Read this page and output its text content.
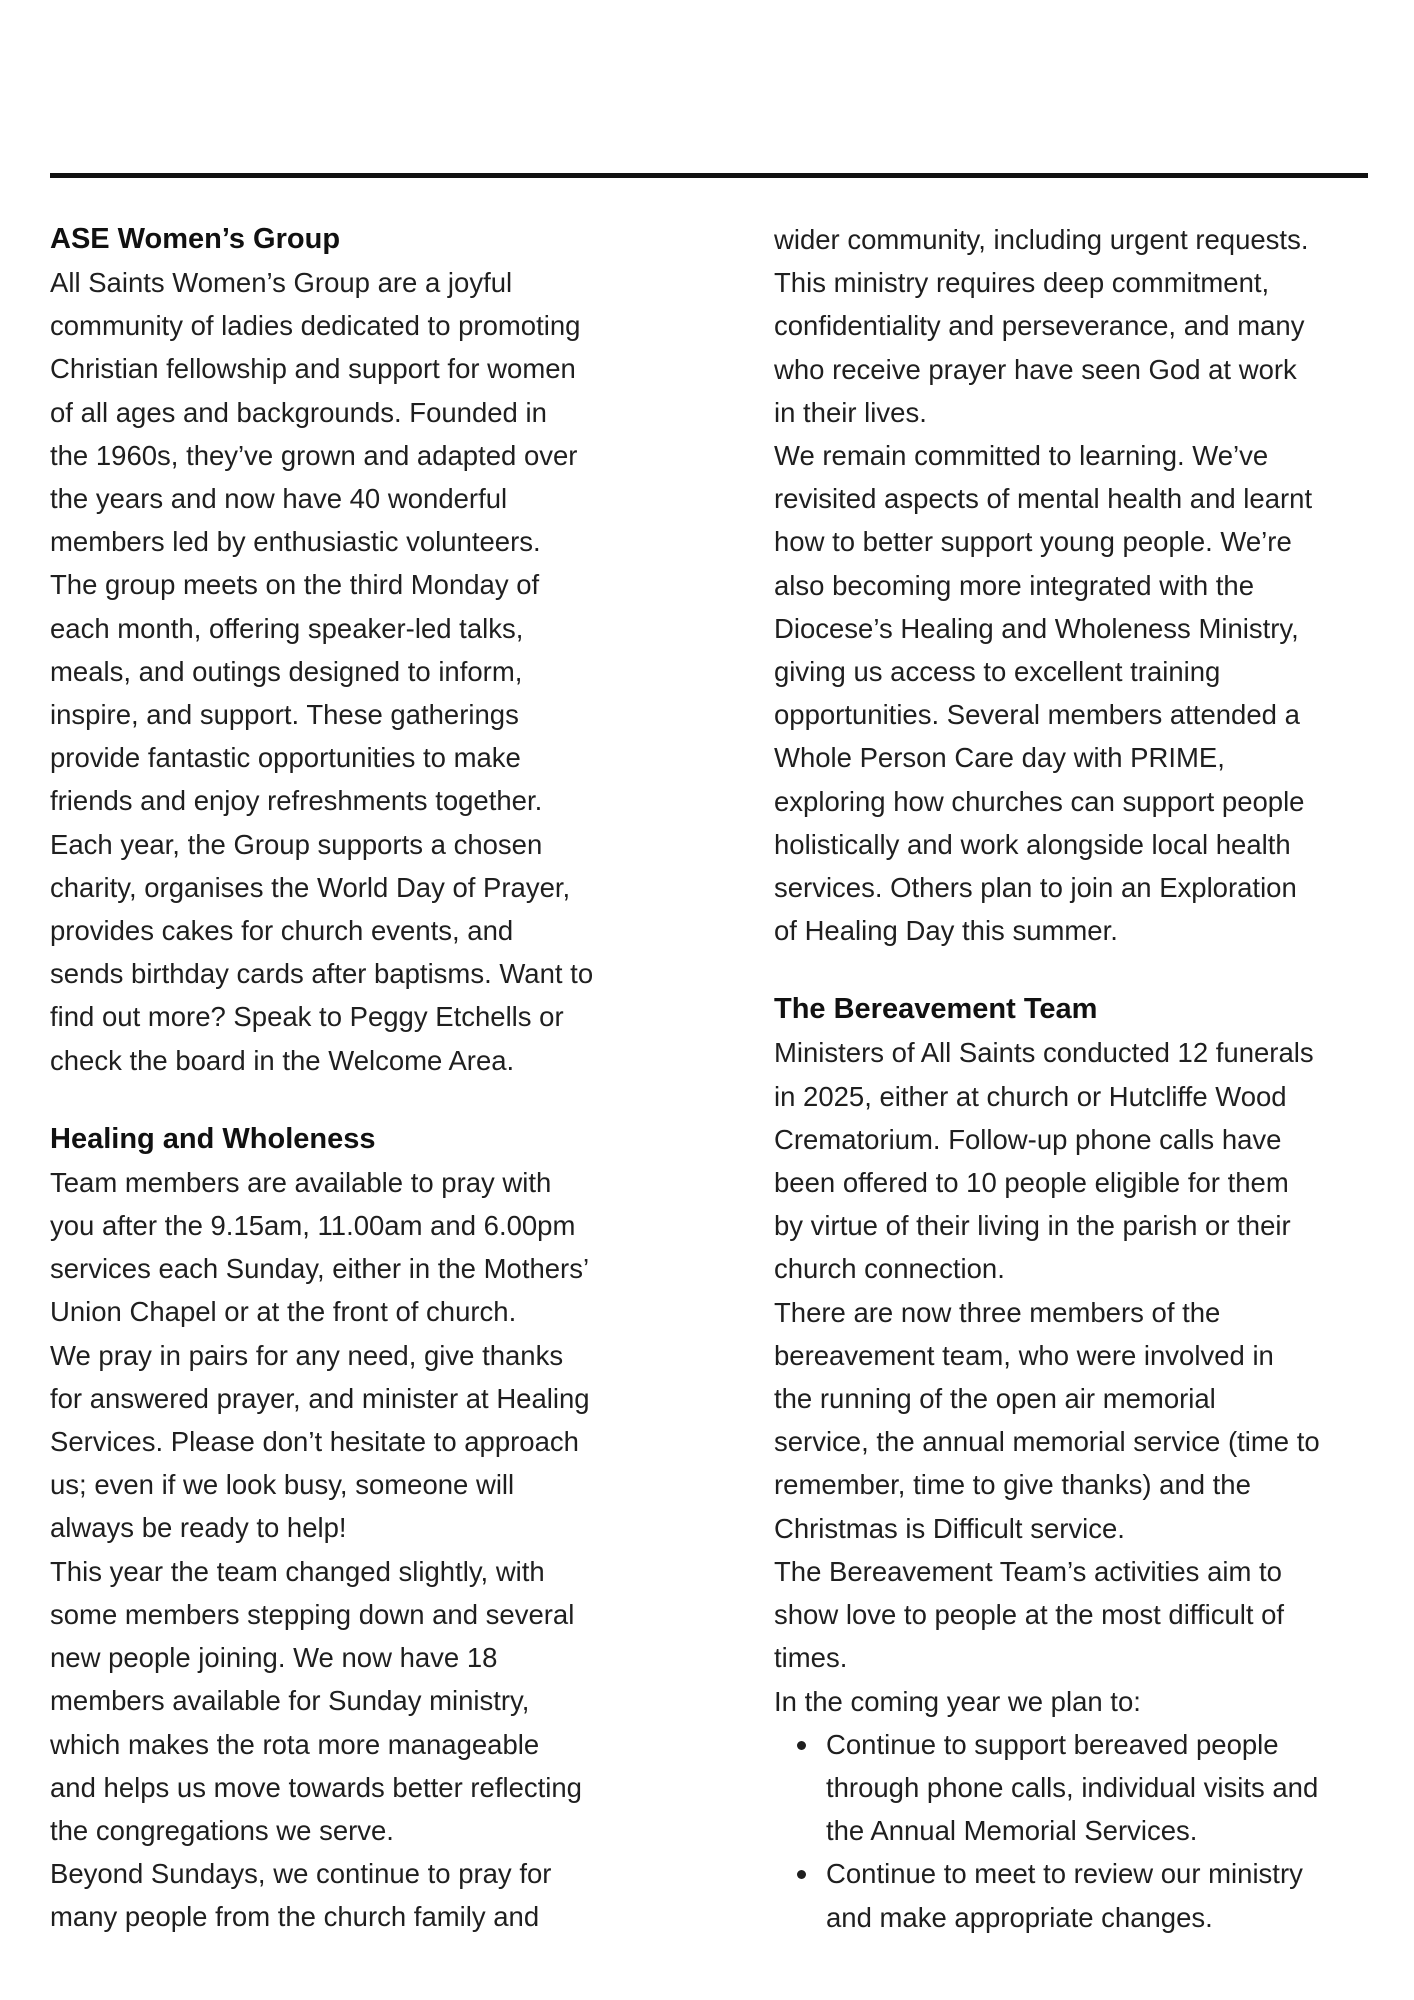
ASE Women’s Group

All Saints Women’s Group are a joyful

community of ladies dedicated to promoting

Christian fellowship and support for women

of all ages and backgrounds. Founded in

the 1960s, they’ve grown and adapted over

the years and now have 40 wonderful

members led by enthusiastic volunteers.

The group meets on the third Monday of

each month, offering speaker-led talks,

meals, and outings designed to inform,

inspire, and support. These gatherings

provide fantastic opportunities to make

friends and enjoy refreshments together.

Each year, the Group supports a chosen

charity, organises the World Day of Prayer,

provides cakes for church events, and

sends birthday cards after baptisms. Want to

find out more? Speak to Peggy Etchells or

check the board in the Welcome Area.

Healing and Wholeness

Team members are available to pray with

you after the 9.15am, 11.00am and 6.00pm

services each Sunday, either in the Mothers’

Union Chapel or at the front of church.

We pray in pairs for any need, give thanks

for answered prayer, and minister at Healing

Services. Please don’t hesitate to approach

us; even if we look busy, someone will

always be ready to help!

This year the team changed slightly, with

some members stepping down and several

new people joining. We now have 18

members available for Sunday ministry,

which makes the rota more manageable

and helps us move towards better reflecting

the congregations we serve.

Beyond Sundays, we continue to pray for

many people from the church family and

wider community, including urgent requests.

This ministry requires deep commitment,

confidentiality and perseverance, and many

who receive prayer have seen God at work

in their lives.

We remain committed to learning. We’ve

revisited aspects of mental health and learnt

how to better support young people. We’re

also becoming more integrated with the

Diocese’s Healing and Wholeness Ministry,

giving us access to excellent training

opportunities. Several members attended a

Whole Person Care day with PRIME,

exploring how churches can support people

holistically and work alongside local health

services. Others plan to join an Exploration

of Healing Day this summer.

The Bereavement Team

Ministers of All Saints conducted 12 funerals

in 2025, either at church or Hutcliffe Wood

Crematorium. Follow-up phone calls have

been offered to 10 people eligible for them

by virtue of their living in the parish or their

church connection.

There are now three members of the

bereavement team, who were involved in

the running of the open air memorial

service, the annual memorial service (time to

remember, time to give thanks) and the

Christmas is Difficult service.

The Bereavement Team’s activities aim to

show love to people at the most difficult of

times.

In the coming year we plan to:

Continue to support bereaved people

through phone calls, individual visits and

the Annual Memorial Services.

Continue to meet to review our ministry

and make appropriate changes.
